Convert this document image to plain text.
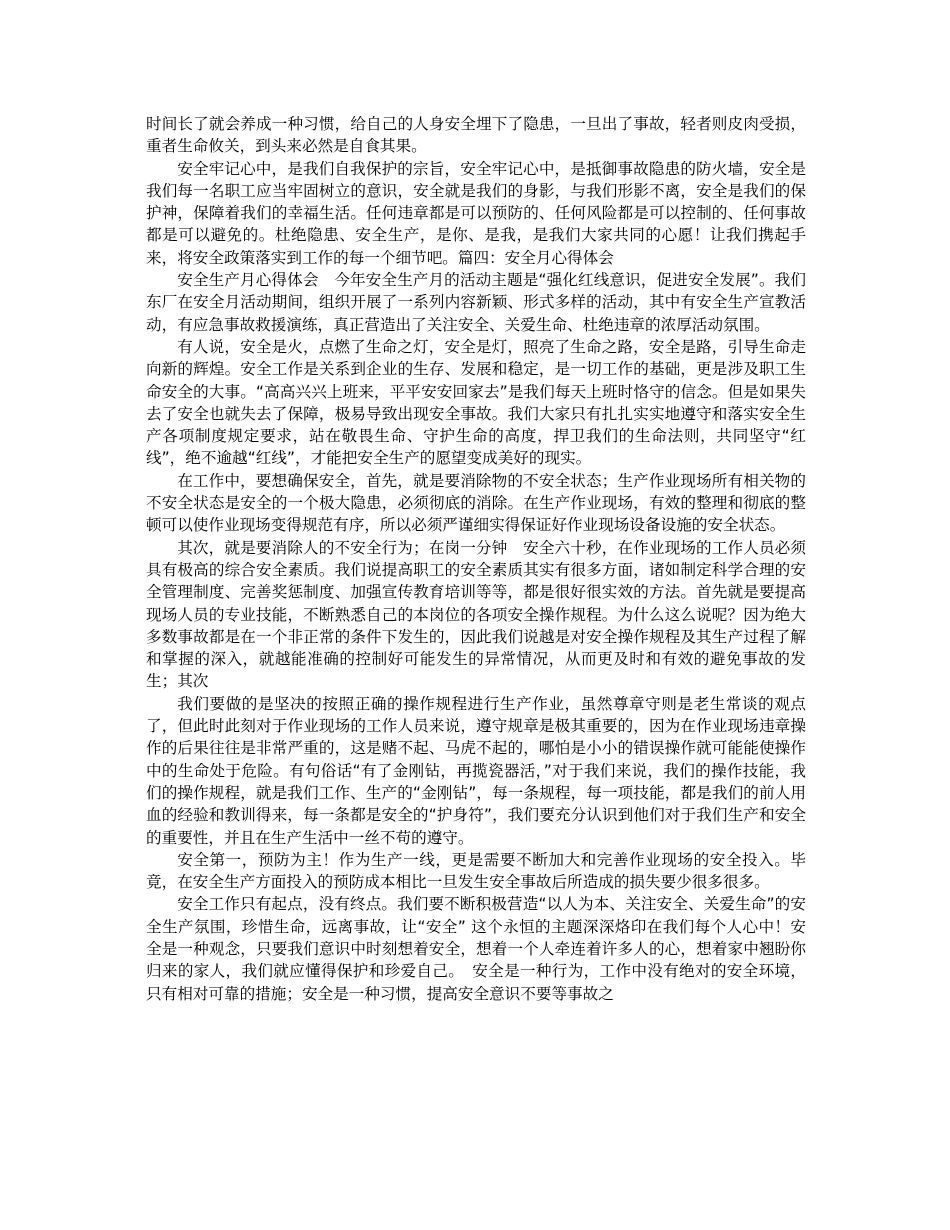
时间长了就会养成一种习惯，给自己的人身安全埋下了隐患，一旦出了事故，轻者则皮肉受损，重者生命攸关，到头来必然是自食其果。

安全牢记心中，是我们自我保护的宗旨，安全牢记心中，是抵御事故隐患的防火墙，安全是我们每一名职工应当牢固树立的意识，安全就是我们的身影，与我们形影不离，安全是我们的保护神，保障着我们的幸福生活。任何违章都是可以预防的、任何风险都是可以控制的、任何事故都是可以避免的。杜绝隐患、安全生产，是你、是我，是我们大家共同的心愿！让我们携起手来，将安全政策落实到工作的每一个细节吧。篇四：安全月心得体会

安全生产月心得体会　今年安全生产月的活动主题是“强化红线意识，促进安全发展”。我们东厂在安全月活动期间，组织开展了一系列内容新颖、形式多样的活动，其中有安全生产宣教活动，有应急事故救援演练，真正营造出了关注安全、关爱生命、杜绝违章的浓厚活动氛围。

有人说，安全是火，点燃了生命之灯，安全是灯，照亮了生命之路，安全是路，引导生命走向新的辉煌。安全工作是关系到企业的生存、发展和稳定，是一切工作的基础，更是涉及职工生命安全的大事。“高高兴兴上班来，平平安安回家去”是我们每天上班时恪守的信念。但是如果失去了安全也就失去了保障，极易导致出现安全事故。我们大家只有扎扎实实地遵守和落实安全生产各项制度规定要求，站在敬畏生命、守护生命的高度，捍卫我们的生命法则，共同坚守“红线”，绝不逾越“红线”，才能把安全生产的愿望变成美好的现实。

在工作中，要想确保安全，首先，就是要消除物的不安全状态；生产作业现场所有相关物的不安全状态是安全的一个极大隐患，必须彻底的消除。在生产作业现场，有效的整理和彻底的整顿可以使作业现场变得规范有序，所以必须严谨细实得保证好作业现场设备设施的安全状态。

其次，就是要消除人的不安全行为；在岗一分钟　安全六十秒，在作业现场的工作人员必须具有极高的综合安全素质。我们说提高职工的安全素质其实有很多方面，诸如制定科学合理的安全管理制度、完善奖惩制度、加强宣传教育培训等等，都是很好很实效的方法。首先就是要提高现场人员的专业技能，不断熟悉自己的本岗位的各项安全操作规程。为什么这么说呢？因为绝大多数事故都是在一个非正常的条件下发生的，因此我们说越是对安全操作规程及其生产过程了解和掌握的深入，就越能准确的控制好可能发生的异常情况，从而更及时和有效的避免事故的发生；其次

我们要做的是坚决的按照正确的操作规程进行生产作业，虽然尊章守则是老生常谈的观点了，但此时此刻对于作业现场的工作人员来说，遵守规章是极其重要的，因为在作业现场违章操作的后果往往是非常严重的，这是赌不起、马虎不起的，哪怕是小小的错误操作就可能能使操作中的生命处于危险。有句俗话“有了金刚钻，再揽瓷器活，”对于我们来说，我们的操作技能，我们的操作规程，就是我们工作、生产的“金刚钻”，每一条规程，每一项技能，都是我们的前人用血的经验和教训得来，每一条都是安全的“护身符”，我们要充分认识到他们对于我们生产和安全的重要性，并且在生产生活中一丝不苟的遵守。

安全第一，预防为主！作为生产一线，更是需要不断加大和完善作业现场的安全投入。毕竟，在安全生产方面投入的预防成本相比一旦发生安全事故后所造成的损失要少很多很多。

安全工作只有起点，没有终点。我们要不断积极营造“以人为本、关注安全、关爱生命”的安全生产氛围，珍惜生命，远离事故，让“安全” 这个永恒的主题深深烙印在我们每个人心中！安全是一种观念，只要我们意识中时刻想着安全，想着一个人牵连着许多人的心，想着家中翘盼你归来的家人，我们就应懂得保护和珍爱自己。　安全是一种行为，工作中没有绝对的安全环境，只有相对可靠的措施；安全是一种习惯，提高安全意识不要等事故之
